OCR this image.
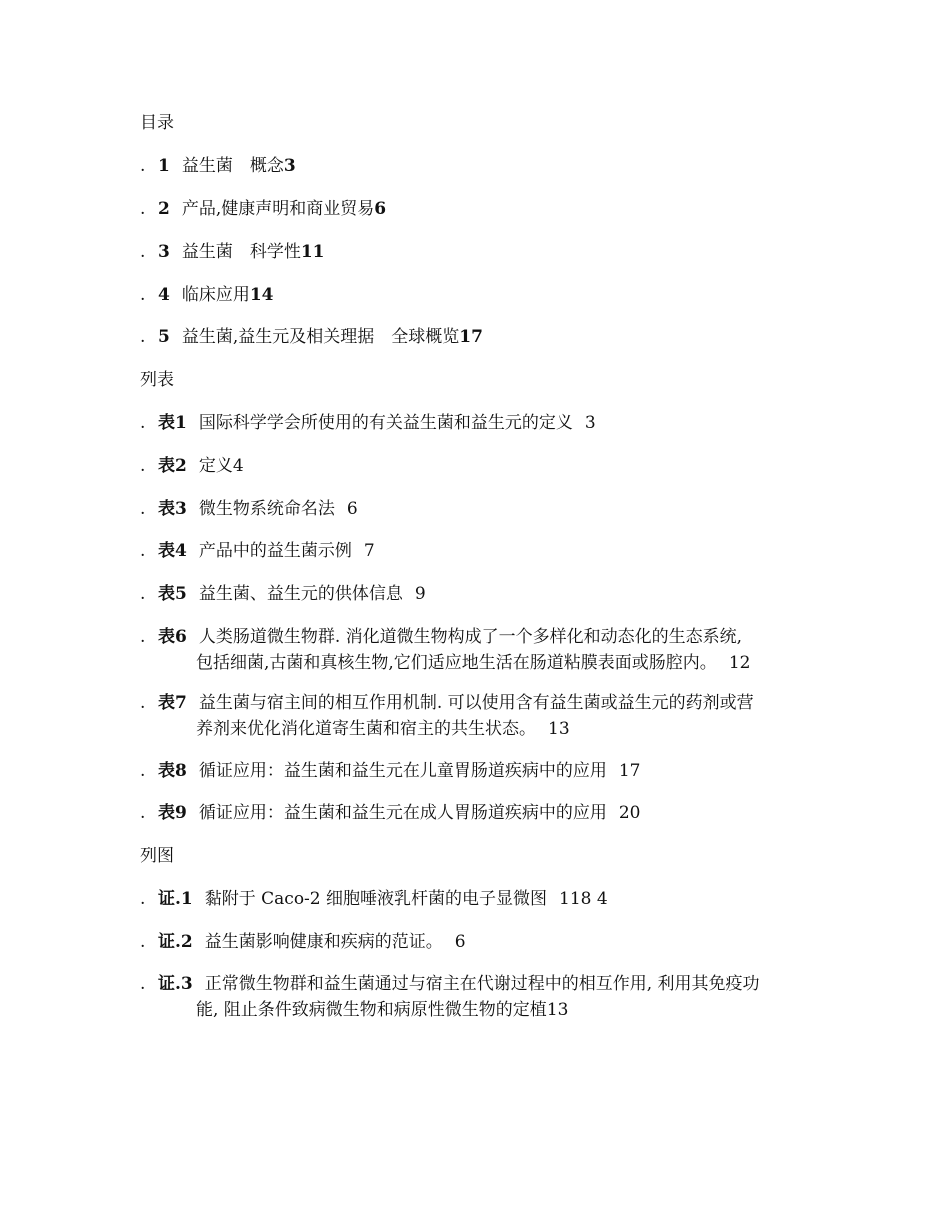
目录
. 1 益生菌　概念 3
. 2 产品,健康声明和商业贸易 6
. 3 益生菌　科学性 11
. 4 临床应用 14
. 5 益生菌,益生元及相关理据　全球概览 17
列表
. 表1 国际科学学会所使用的有关益生菌和益生元的定义 3
. 表2 定义 4
. 表3 微生物系统命名法 6
. 表4 产品中的益生菌示例 7
. 表5 益生菌、益生元的供体信息 9
. 表6 人类肠道微生物群. 消化道微生物构成了一个多样化和动态化的生态系统,
包括细菌,古菌和真核生物,它们适应地生活在肠道粘膜表面或肠腔内。 12
. 表7 益生菌与宿主间的相互作用机制. 可以使用含有益生菌或益生元的药剂或营
养剂来优化消化道寄生菌和宿主的共生状态。 13
. 表8 循证应用：益生菌和益生元在儿童胃肠道疾病中的应用 17
. 表9 循证应用：益生菌和益生元在成人胃肠道疾病中的应用 20
列图
. 证.1 黏附于 Caco-2 细胞唾液乳杆菌的电子显微图 118 4
. 证.2 益生菌影响健康和疾病的范证。 6
. 证.3 正常微生物群和益生菌通过与宿主在代谢过程中的相互作用, 利用其免疫功
能, 阻止条件致病微生物和病原性微生物的定植13
